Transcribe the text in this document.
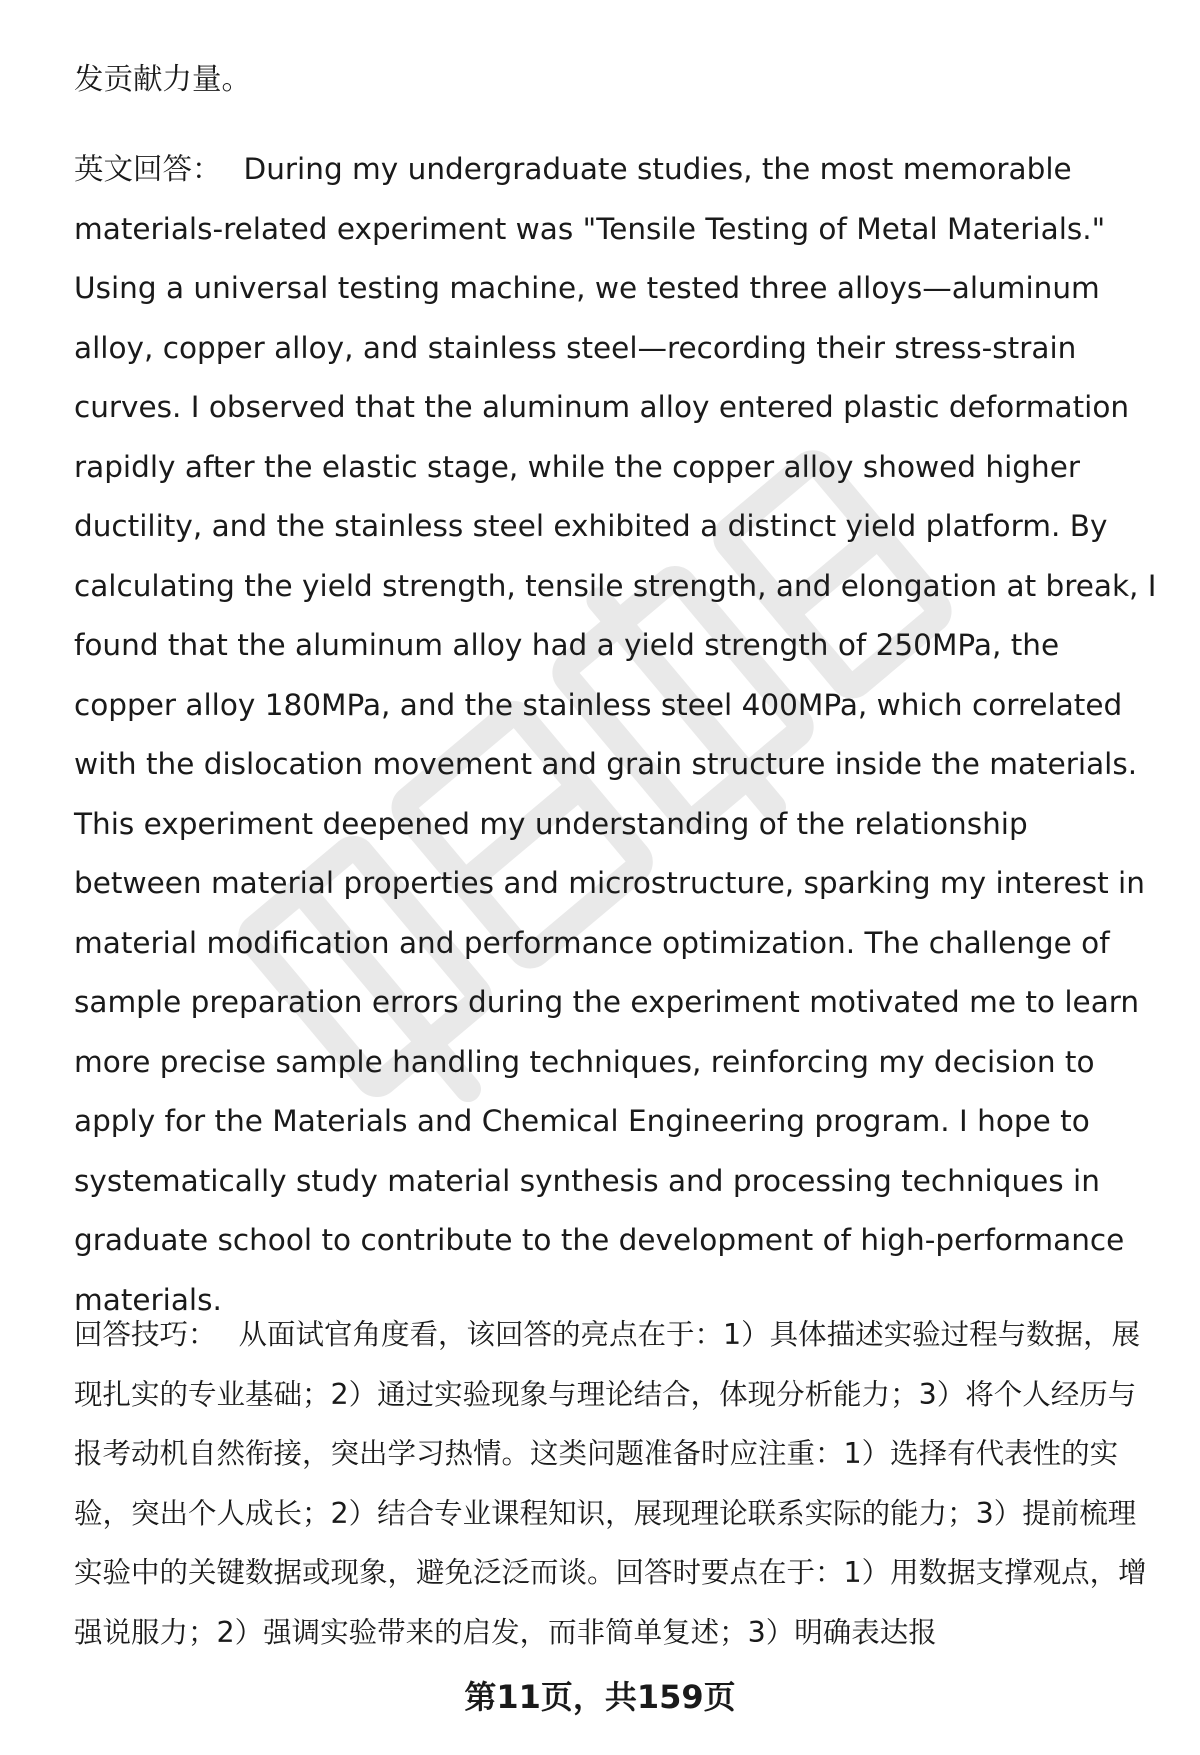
发贡献力量。

英文回答： During my undergraduate studies, the most memorable materials-related experiment was "Tensile Testing of Metal Materials." Using a universal testing machine, we tested three alloys—aluminum alloy, copper alloy, and stainless steel—recording their stress-strain curves. I observed that the aluminum alloy entered plastic deformation rapidly after the elastic stage, while the copper alloy showed higher ductility, and the stainless steel exhibited a distinct yield platform. By calculating the yield strength, tensile strength, and elongation at break, I found that the aluminum alloy had a yield strength of 250MPa, the copper alloy 180MPa, and the stainless steel 400MPa, which correlated with the dislocation movement and grain structure inside the materials. This experiment deepened my understanding of the relationship between material properties and microstructure, sparking my interest in material modification and performance optimization. The challenge of sample preparation errors during the experiment motivated me to learn more precise sample handling techniques, reinforcing my decision to apply for the Materials and Chemical Engineering program. I hope to systematically study material synthesis and processing techniques in graduate school to contribute to the development of high-performance materials.

回答技巧： 从面试官角度看，该回答的亮点在于：1）具体描述实验过程与数据，展现扎实的专业基础；2）通过实验现象与理论结合，体现分析能力；3）将个人经历与报考动机自然衔接，突出学习热情。这类问题准备时应注重：1）选择有代表性的实验，突出个人成长；2）结合专业课程知识，展现理论联系实际的能力；3）提前梳理实验中的关键数据或现象，避免泛泛而谈。回答时要点在于：1）用数据支撑观点，增强说服力；2）强调实验带来的启发，而非简单复述；3）明确表达报

第11页，共159页
